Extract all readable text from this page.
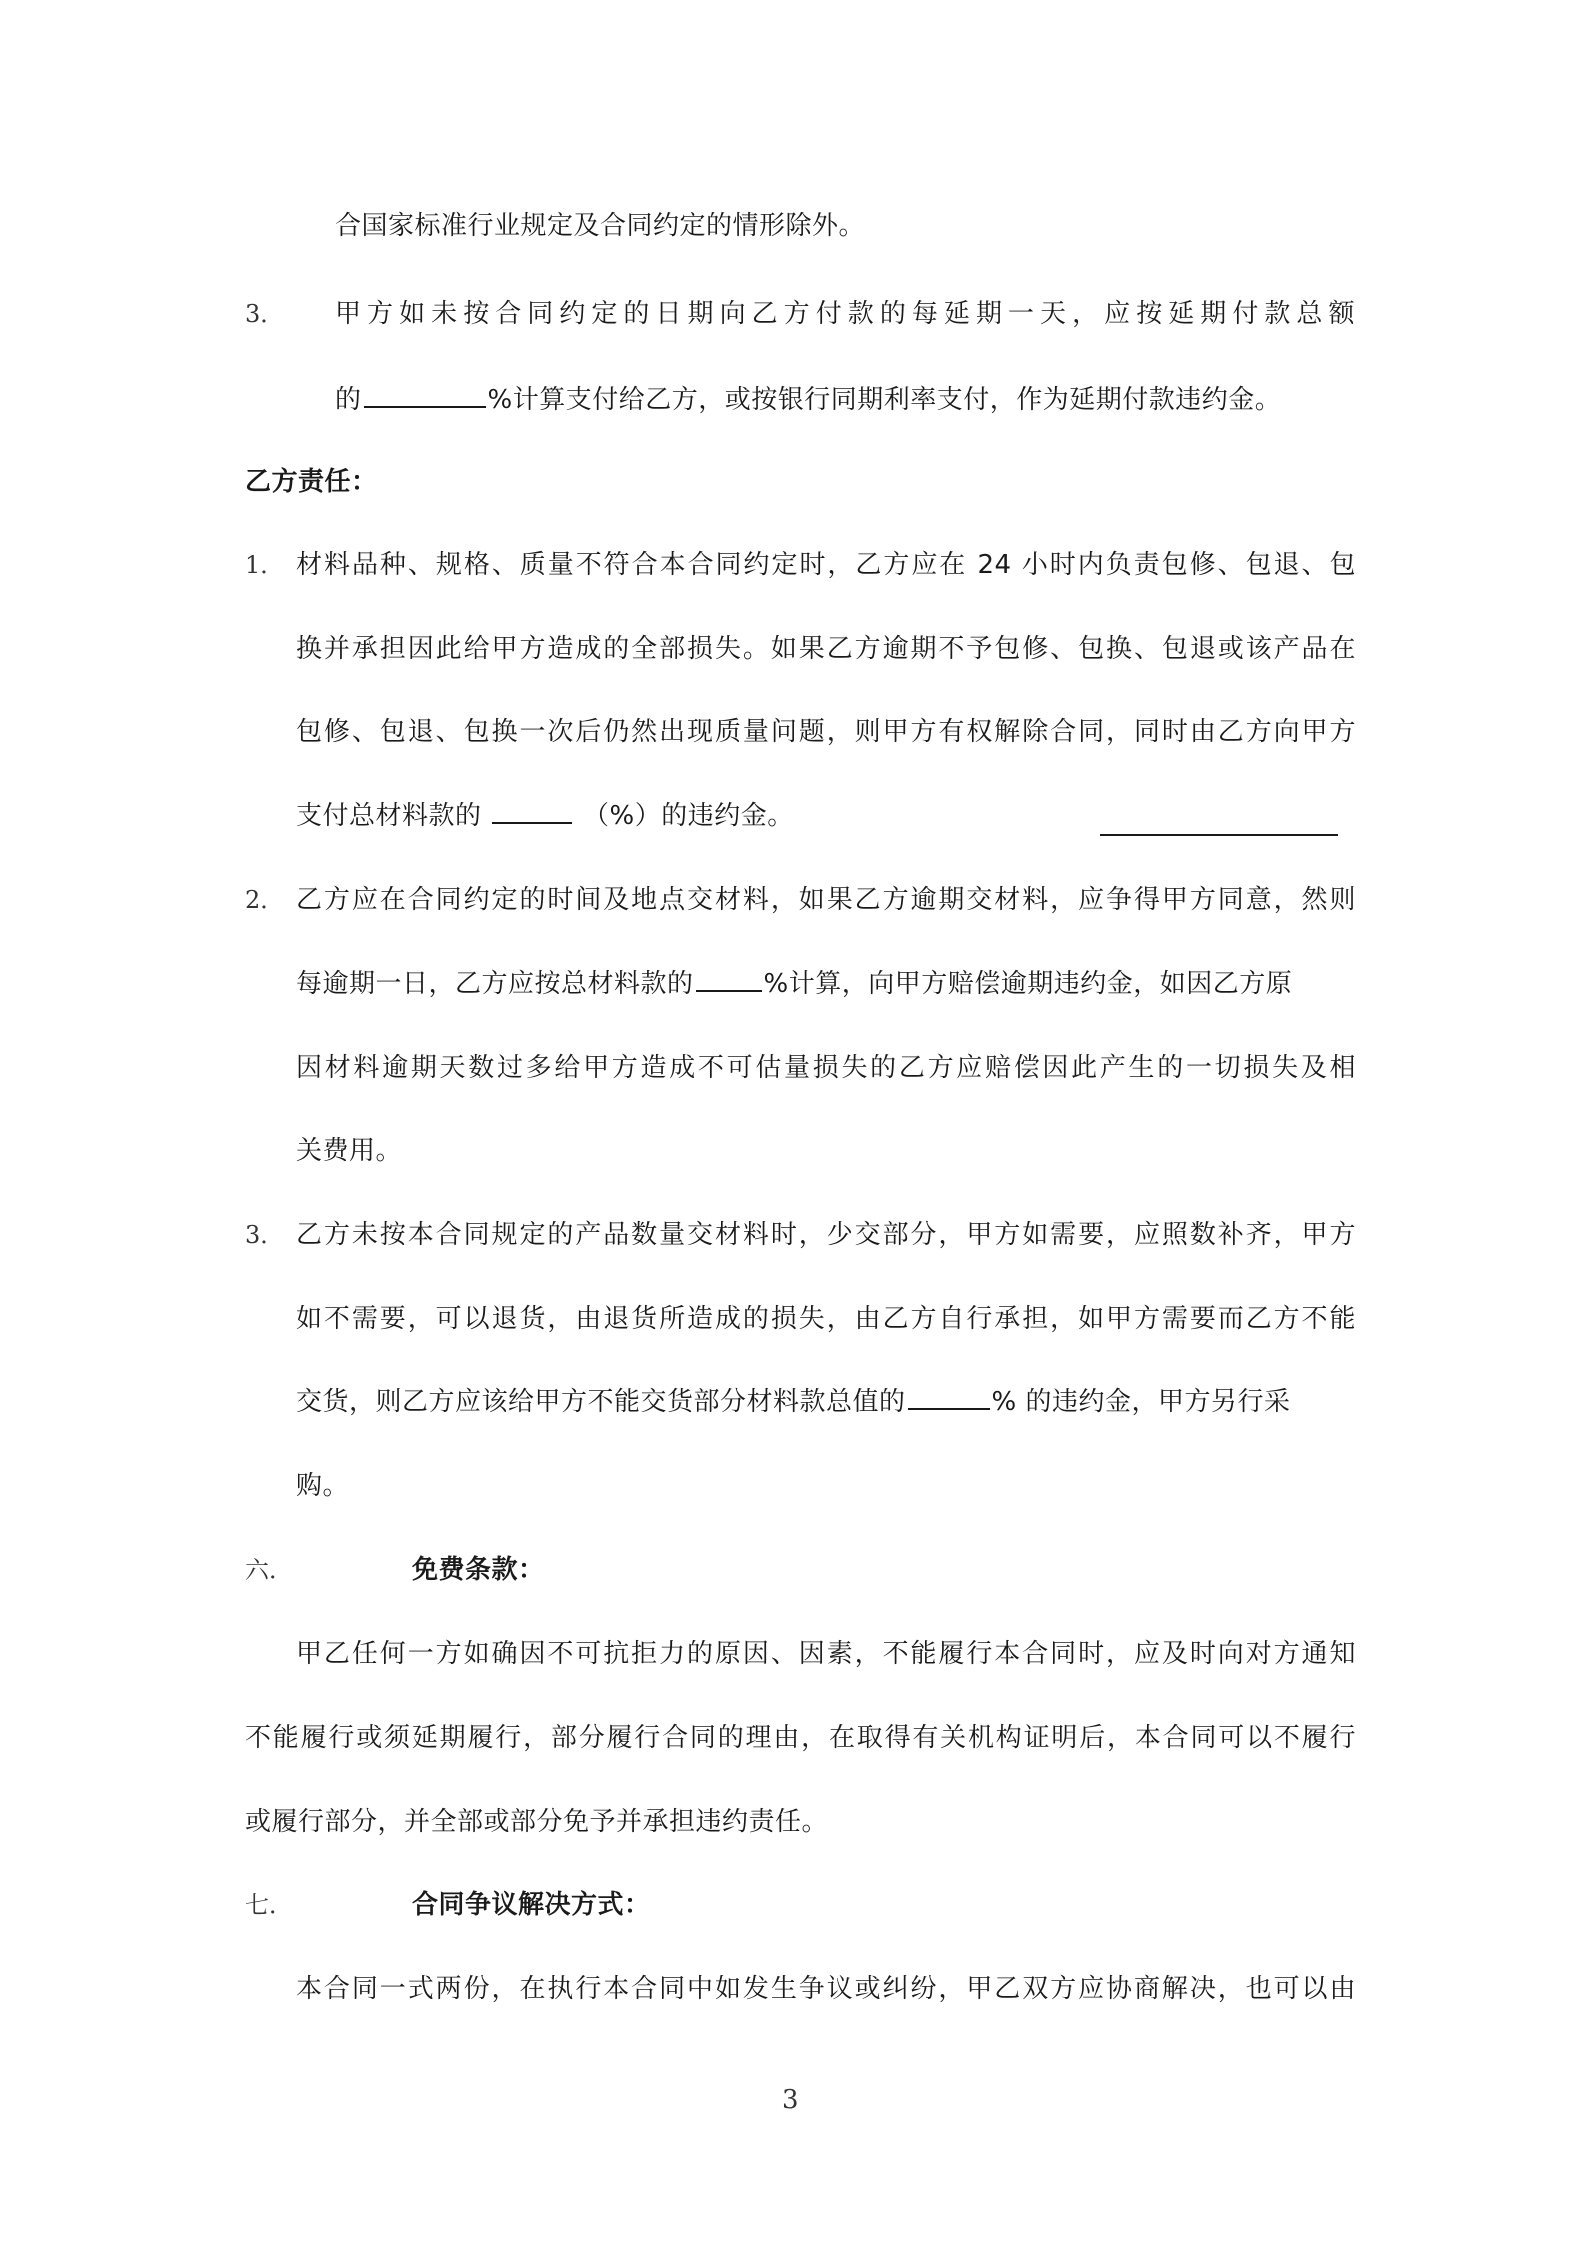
合国家标准行业规定及合同约定的情形除外。
3． 甲方如未按合同约定的日期向乙方付款的每延期一天，应按延期付款总额
的	%计算支付给乙方，或按银行同期利率支付，作为延期付款违约金。
乙方责任：
1． 材料品种、规格、质量不符合本合同约定时，乙方应在 24 小时内负责包修、包退、包
换并承担因此给甲方造成的全部损失。如果乙方逾期不予包修、包换、包退或该产品在
包修、包退、包换一次后仍然出现质量问题，则甲方有权解除合同，同时由乙方向甲方
支付总材料款的	（%）的违约金。
2． 乙方应在合同约定的时间及地点交材料，如果乙方逾期交材料，应争得甲方同意，然则
每逾期一日，乙方应按总材料款的	%计算，向甲方赔偿逾期违约金，如因乙方原
因材料逾期天数过多给甲方造成不可估量损失的乙方应赔偿因此产生的一切损失及相
关费用。
3． 乙方未按本合同规定的产品数量交材料时，少交部分，甲方如需要，应照数补齐，甲方
如不需要，可以退货，由退货所造成的损失，由乙方自行承担，如甲方需要而乙方不能
交货，则乙方应该给甲方不能交货部分材料款总值的	% 的违约金，甲方另行采
购。
六．	免费条款：
甲乙任何一方如确因不可抗拒力的原因、因素，不能履行本合同时，应及时向对方通知
不能履行或须延期履行，部分履行合同的理由，在取得有关机构证明后，本合同可以不履行
或履行部分，并全部或部分免予并承担违约责任。
七．	合同争议解决方式：
本合同一式两份，在执行本合同中如发生争议或纠纷，甲乙双方应协商解决，也可以由
3
